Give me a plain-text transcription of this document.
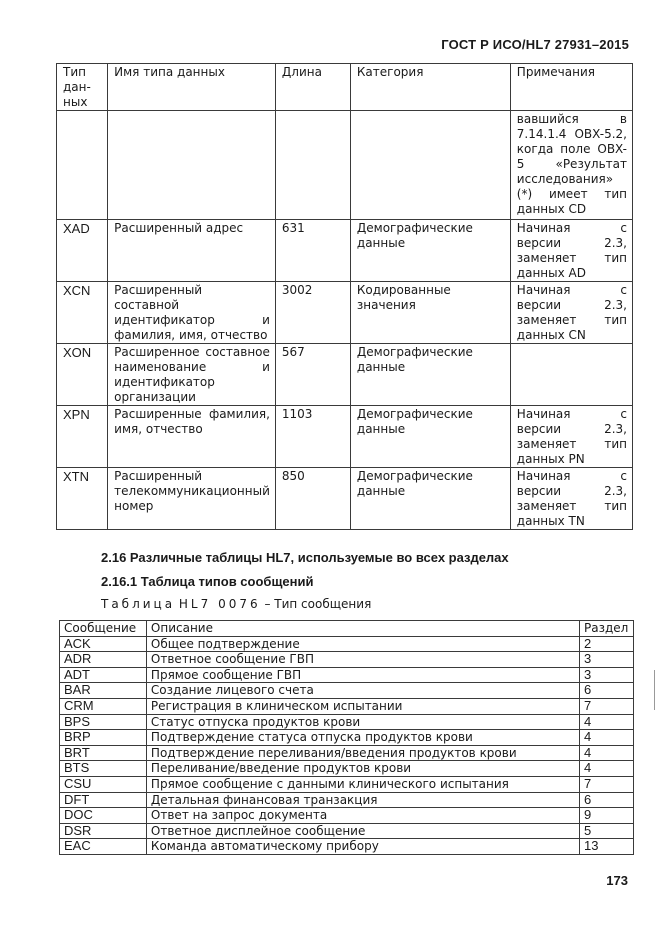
ГОСТ Р ИСО/HL7 27931–2015
Тип дан-ных	Имя типа данных	Длина	Категория	Примечания
				вавшийся в 7.14.1.4 OBX-5.2, когда поле OBX-5 «Результат исследования» (*) имеет тип данных CD
XAD	Расширенный адрес	631	Демографические данные	Начиная с версии 2.3, заменяет тип данных AD
XCN	Расширенный составной идентификатор и фамилия, имя, отчество	3002	Кодированные значения	Начиная с версии 2.3, заменяет тип данных CN
XON	Расширенное составное наименование и идентификатор организации	567	Демографические данные	
XPN	Расширенные фамилия, имя, отчество	1103	Демографические данные	Начиная с версии 2.3, заменяет тип данных PN
XTN	Расширенный телекоммуникационный номер	850	Демографические данные	Начиная с версии 2.3, заменяет тип данных TN
2.16 Различные таблицы HL7, используемые во всех разделах
2.16.1 Таблица типов сообщений
Таблица HL7 0076 – Тип сообщения
Сообщение	Описание	Раздел
ACK	Общее подтверждение	2
ADR	Ответное сообщение ГВП	3
ADT	Прямое сообщение ГВП	3
BAR	Создание лицевого счета	6
CRM	Регистрация в клиническом испытании	7
BPS	Статус отпуска продуктов крови	4
BRP	Подтверждение статуса отпуска продуктов крови	4
BRT	Подтверждение переливания/введения продуктов крови	4
BTS	Переливание/введение продуктов крови	4
CSU	Прямое сообщение с данными клинического испытания	7
DFT	Детальная финансовая транзакция	6
DOC	Ответ на запрос документа	9
DSR	Ответное дисплейное сообщение	5
EAC	Команда автоматическому прибору	13
173
